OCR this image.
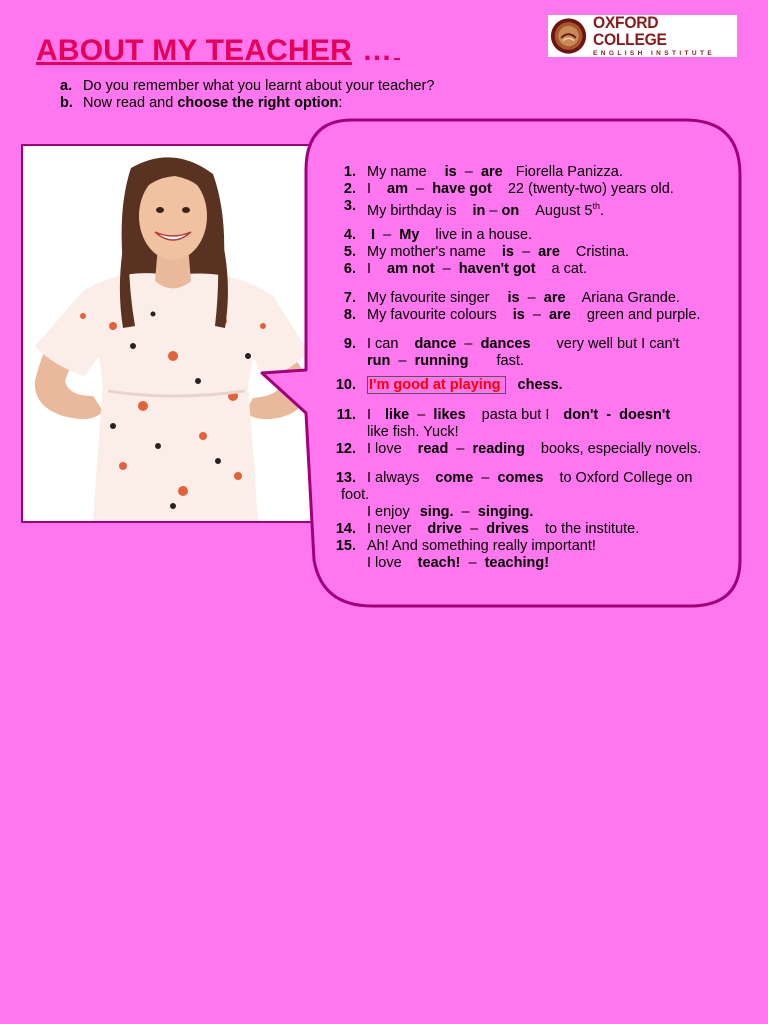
ABOUT MY TEACHER …
OXFORD COLLEGE
ENGLISH INSTITUTE
a. Do you remember what you learnt about your teacher?
b. Now read and choose the right option:
1. My name is – are Fiorella Panizza.
2. I am – have got 22 (twenty-two) years old.
3. My birthday is in – on August 5th.
4. I – My live in a house.
5. My mother's name is – are Cristina.
6. I am not – haven't got a cat.
7. My favourite singer is – are Ariana Grande.
8. My favourite colours is – are green and purple.
9. I can dance – dances very well but I can't
run – running fast.
10. I'm good at playing chess.
11. I like – likes pasta but I don't  -  doesn't
like fish. Yuck!
12. I love read – reading books, especially novels.
13. I always come – comes to Oxford College on
foot.
I enjoy sing. – singing.
14. I never drive – drives to the institute.
15. Ah! And something really important!
I love teach! – teaching!
